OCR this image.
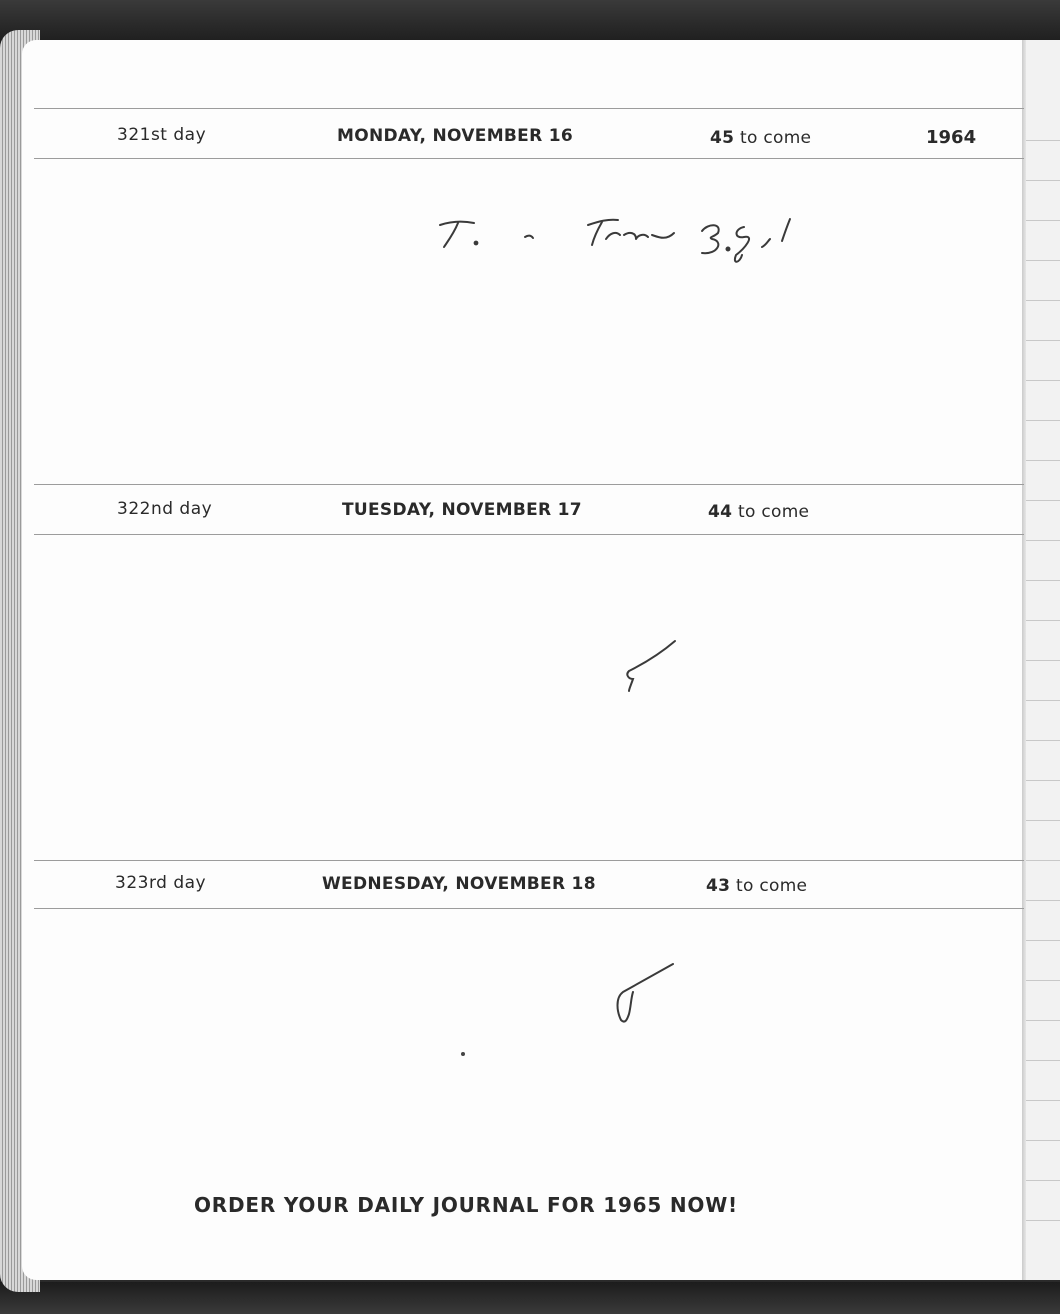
321st day	MONDAY, NOVEMBER 16	45 to come	1964
322nd day	TUESDAY, NOVEMBER 17	44 to come
323rd day	WEDNESDAY, NOVEMBER 18	43 to come
ORDER YOUR DAILY JOURNAL FOR 1965 NOW!
